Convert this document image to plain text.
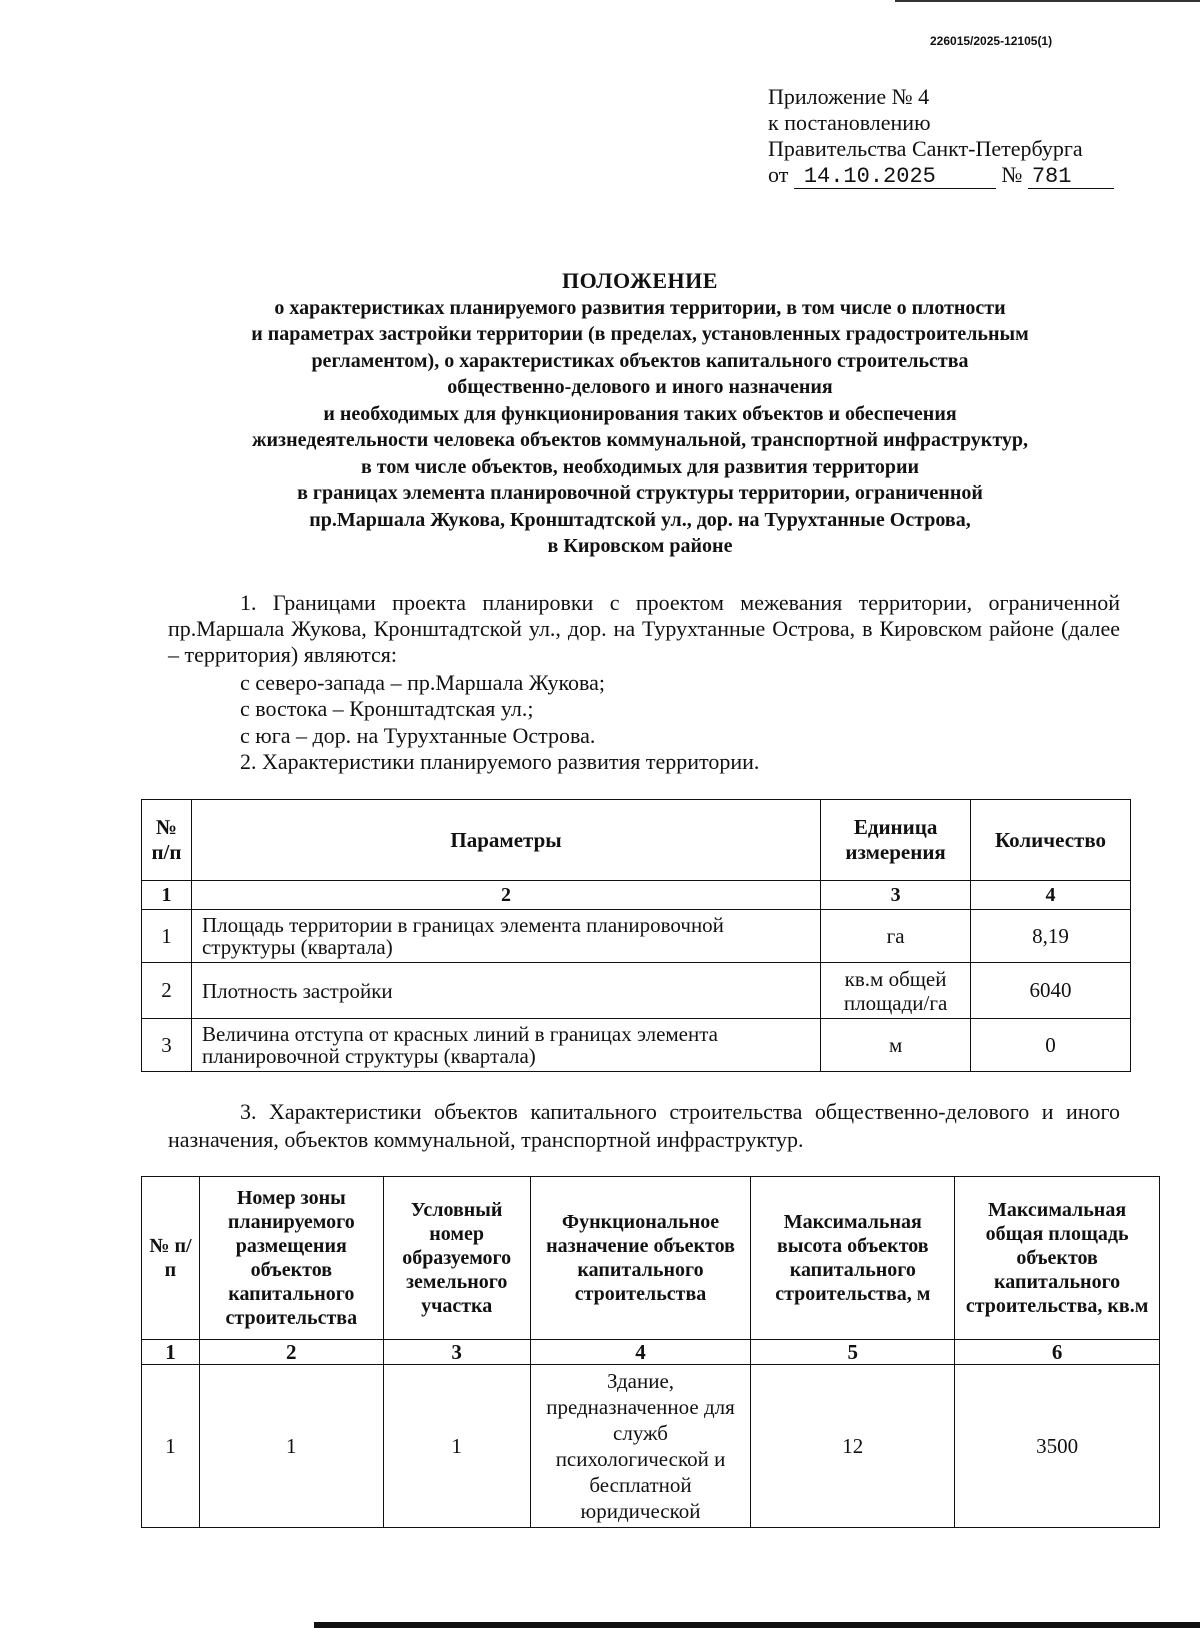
226015/2025-12105(1)
Приложение № 4
к постановлению
Правительства Санкт-Петербурга
от 14.10.2025	№ 781
ПОЛОЖЕНИЕ
о характеристиках планируемого развития территории, в том числе о плотности
и параметрах застройки территории (в пределах, установленных градостроительным
регламентом), о характеристиках объектов капитального строительства
общественно-делового и иного назначения
и необходимых для функционирования таких объектов и обеспечения
жизнедеятельности человека объектов коммунальной, транспортной инфраструктур,
в том числе объектов, необходимых для развития территории
в границах элемента планировочной структуры территории, ограниченной
пр.Маршала Жукова, Кронштадтской ул., дор. на Турухтанные Острова,
в Кировском районе
1. Границами проекта планировки с проектом межевания территории, ограниченной пр.Маршала Жукова, Кронштадтской ул., дор. на Турухтанные Острова, в Кировском районе (далее – территория) являются:
с северо-запада – пр.Маршала Жукова;
с востока – Кронштадтская ул.;
с юга – дор. на Турухтанные Острова.
2. Характеристики планируемого развития территории.
№ п/п	Параметры	Единица измерения	Количество
1	2	3	4
1	Площадь территории в границах элемента планировочной структуры (квартала)	га	8,19
2	Плотность застройки	кв.м общей площади/га	6040
3	Величина отступа от красных линий в границах элемента планировочной структуры (квартала)	м	0
3. Характеристики объектов капитального строительства общественно-делового и иного назначения, объектов коммунальной, транспортной инфраструктур.
№ п/п	Номер зоны планируемого размещения объектов капитального строительства	Условный номер образуемого земельного участка	Функциональное назначение объектов капитального строительства	Максимальная высота объектов капитального строительства, м	Максимальная общая площадь объектов капитального строительства, кв.м
1	2	3	4	5	6
1	1	1	Здание, предназначенное для служб психологической и бесплатной юридической	12	3500
